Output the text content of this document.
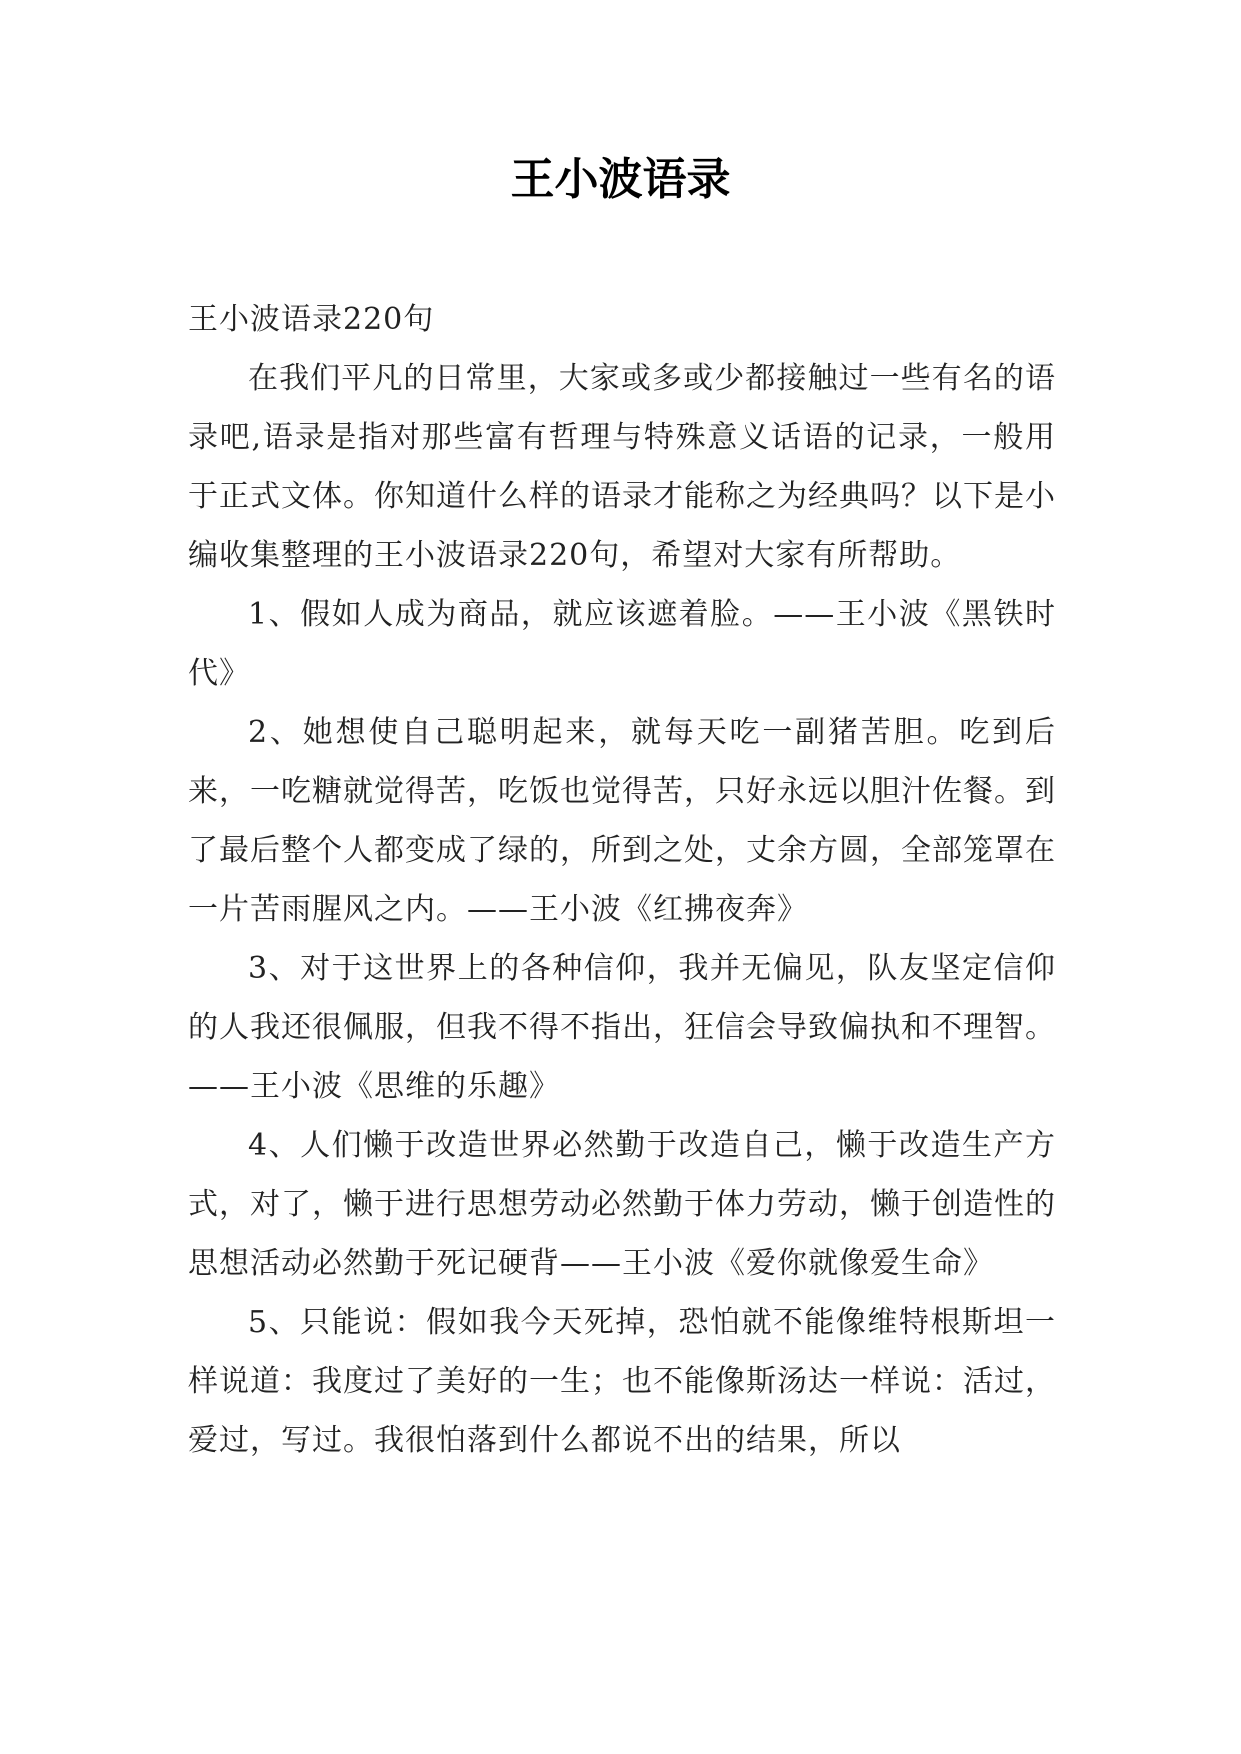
王小波语录

王小波语录220句

在我们平凡的日常里，大家或多或少都接触过一些有名的语录吧,语录是指对那些富有哲理与特殊意义话语的记录，一般用于正式文体。你知道什么样的语录才能称之为经典吗？以下是小编收集整理的王小波语录220句，希望对大家有所帮助。

1、假如人成为商品，就应该遮着脸。——王小波《黑铁时代》

2、她想使自己聪明起来，就每天吃一副猪苦胆。吃到后来，一吃糖就觉得苦，吃饭也觉得苦，只好永远以胆汁佐餐。到了最后整个人都变成了绿的，所到之处，丈余方圆，全部笼罩在一片苦雨腥风之内。——王小波《红拂夜奔》

3、对于这世界上的各种信仰，我并无偏见，队友坚定信仰的人我还很佩服，但我不得不指出，狂信会导致偏执和不理智。——王小波《思维的乐趣》

4、人们懒于改造世界必然勤于改造自己，懒于改造生产方式，对了，懒于进行思想劳动必然勤于体力劳动，懒于创造性的思想活动必然勤于死记硬背——王小波《爱你就像爱生命》

5、只能说：假如我今天死掉，恐怕就不能像维特根斯坦一样说道：我度过了美好的一生；也不能像斯汤达一样说：活过，爱过，写过。我很怕落到什么都说不出的结果，所以
